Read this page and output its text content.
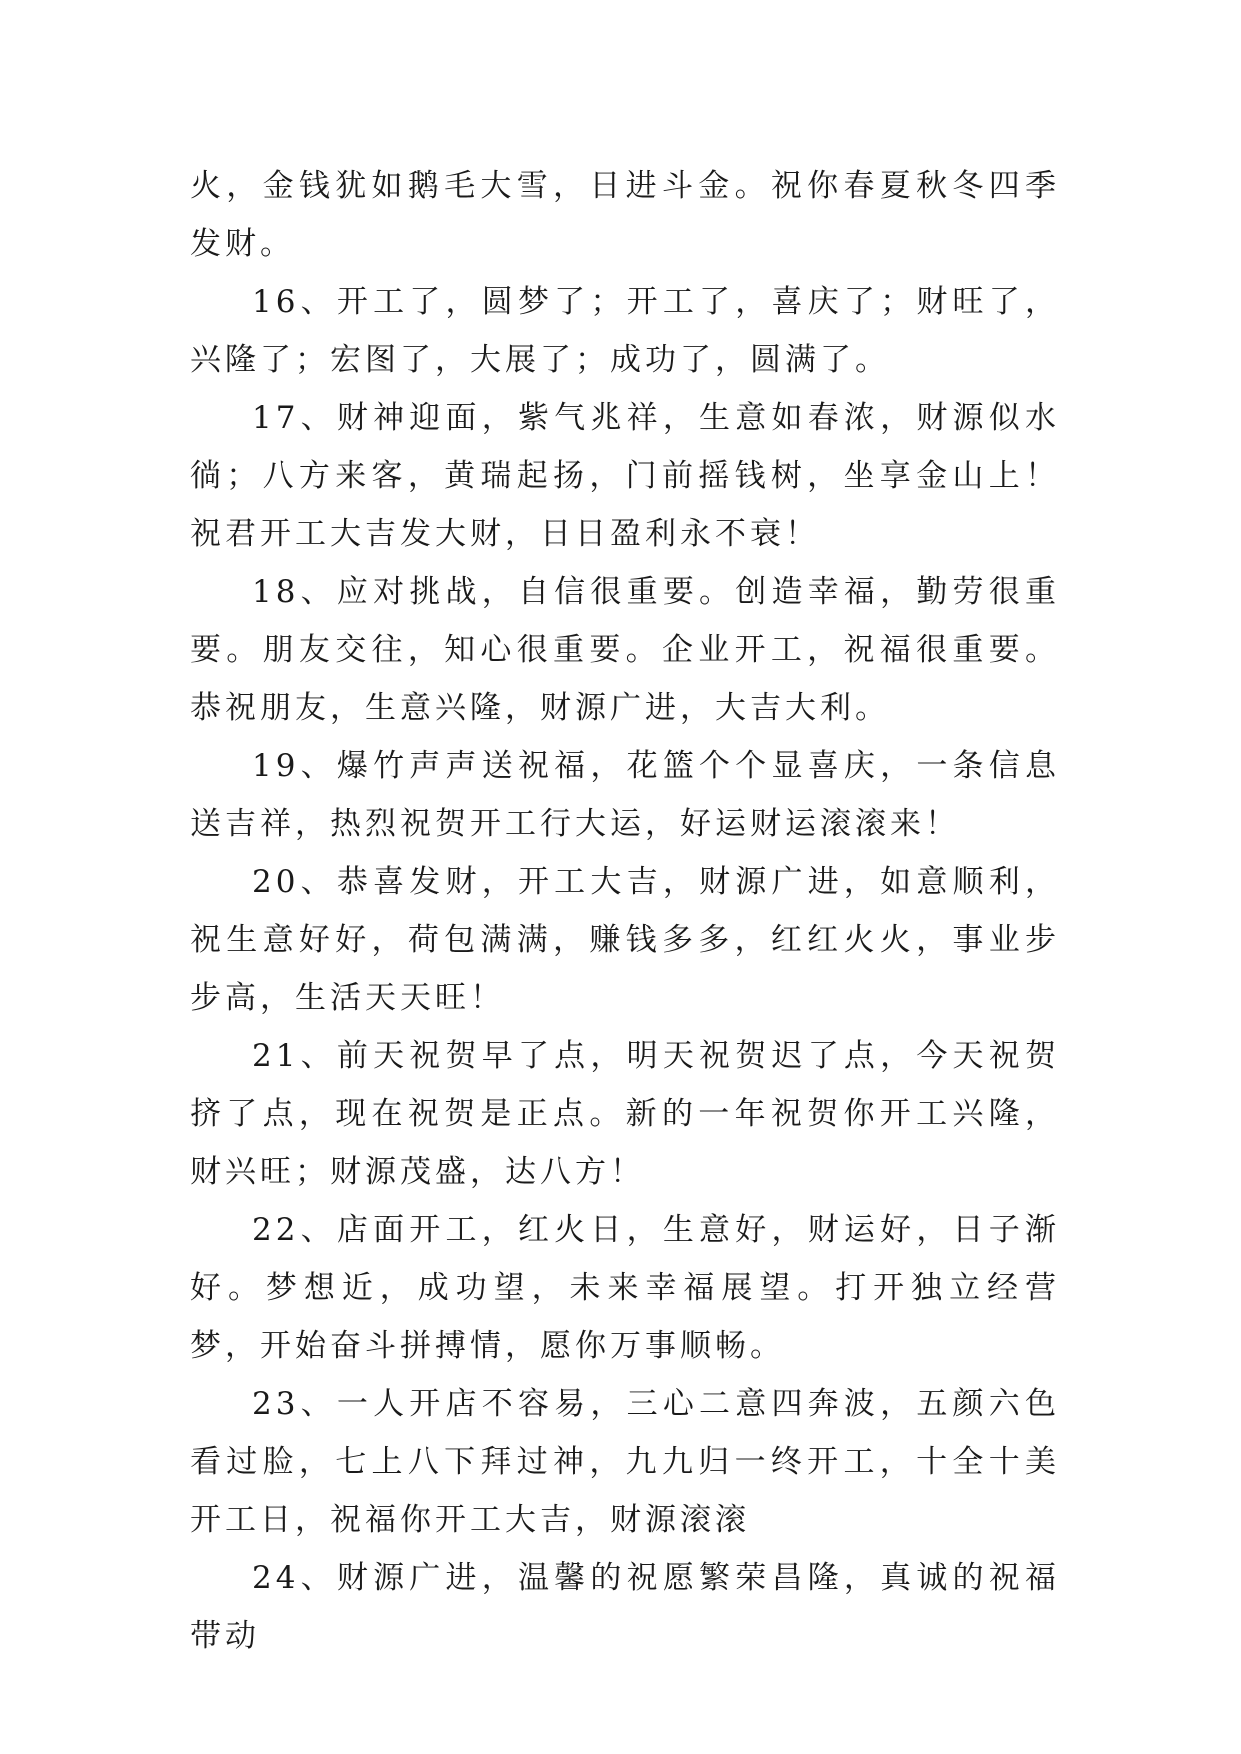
火，金钱犹如鹅毛大雪，日进斗金。祝你春夏秋冬四季发财。

16、开工了，圆梦了；开工了，喜庆了；财旺了，兴隆了；宏图了，大展了；成功了，圆满了。

17、财神迎面，紫气兆祥，生意如春浓，财源似水徜；八方来客，黄瑞起扬，门前摇钱树，坐享金山上！祝君开工大吉发大财，日日盈利永不衰！

18、应对挑战，自信很重要。创造幸福，勤劳很重要。朋友交往，知心很重要。企业开工，祝福很重要。恭祝朋友，生意兴隆，财源广进，大吉大利。

19、爆竹声声送祝福，花篮个个显喜庆，一条信息送吉祥，热烈祝贺开工行大运，好运财运滚滚来！

20、恭喜发财，开工大吉，财源广进，如意顺利，祝生意好好，荷包满满，赚钱多多，红红火火，事业步步高，生活天天旺！

21、前天祝贺早了点，明天祝贺迟了点，今天祝贺挤了点，现在祝贺是正点。新的一年祝贺你开工兴隆，财兴旺；财源茂盛，达八方！

22、店面开工，红火日，生意好，财运好，日子渐好。梦想近，成功望，未来幸福展望。打开独立经营梦，开始奋斗拼搏情，愿你万事顺畅。

23、一人开店不容易，三心二意四奔波，五颜六色看过脸，七上八下拜过神，九九归一终开工，十全十美开工日，祝福你开工大吉，财源滚滚

24、财源广进，温馨的祝愿繁荣昌隆，真诚的祝福带动
